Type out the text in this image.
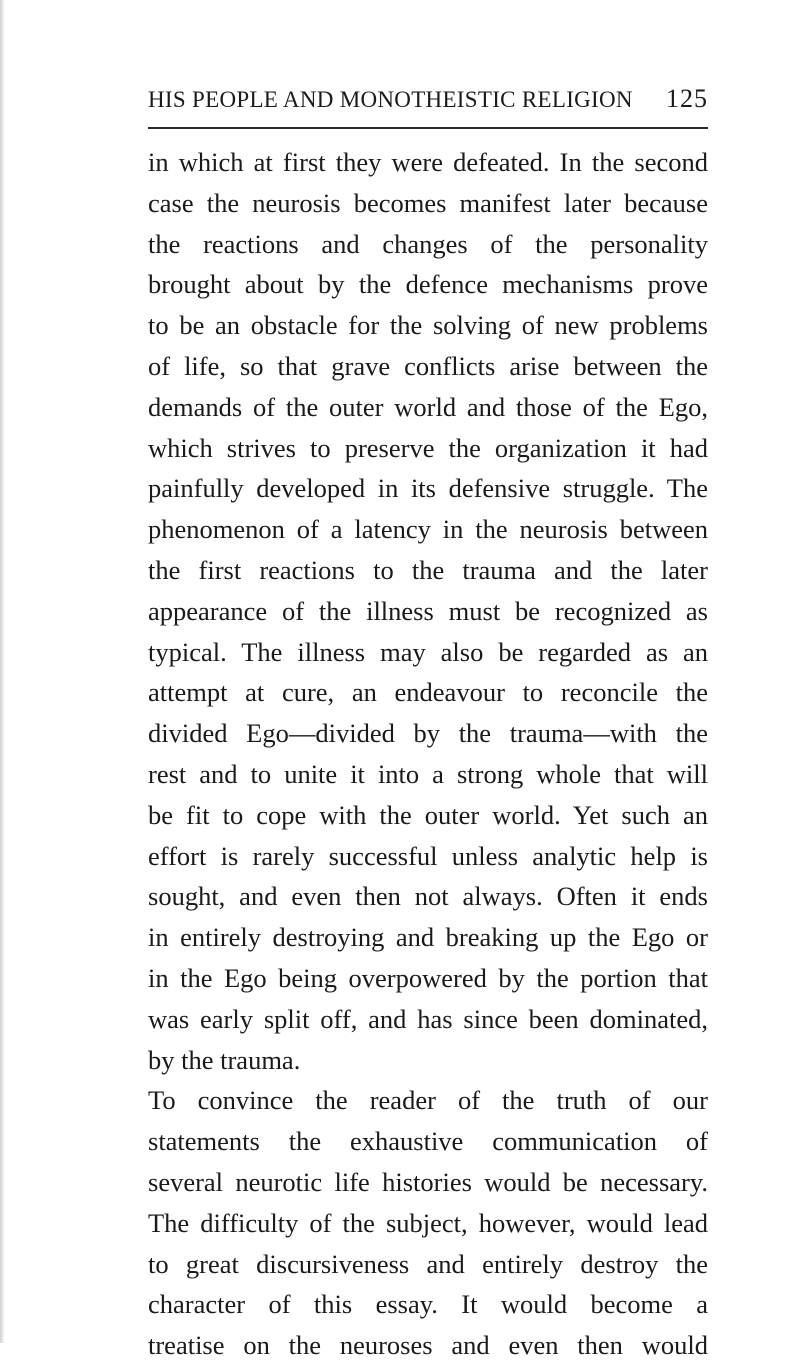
HIS PEOPLE AND MONOTHEISTIC RELIGION 125
in which at first they were defeated. In the second
case the neurosis becomes manifest later because
the reactions and changes of the personality
brought about by the defence mechanisms prove
to be an obstacle for the solving of new problems
of life, so that grave conflicts arise between the
demands of the outer world and those of the Ego,
which strives to preserve the organization it had
painfully developed in its defensive struggle. The
phenomenon of a latency in the neurosis between
the first reactions to the trauma and the later
appearance of the illness must be recognized as
typical. The illness may also be regarded as an
attempt at cure, an endeavour to reconcile the
divided Ego—divided by the trauma—with the
rest and to unite it into a strong whole that will
be fit to cope with the outer world. Yet such an
effort is rarely successful unless analytic help is
sought, and even then not always. Often it ends
in entirely destroying and breaking up the Ego or
in the Ego being overpowered by the portion that
was early split off, and has since been dominated,
by the trauma.
To convince the reader of the truth of our
statements the exhaustive communication of
several neurotic life histories would be necessary.
The difficulty of the subject, however, would lead
to great discursiveness and entirely destroy the
character of this essay. It would become a
treatise on the neuroses and even then would
